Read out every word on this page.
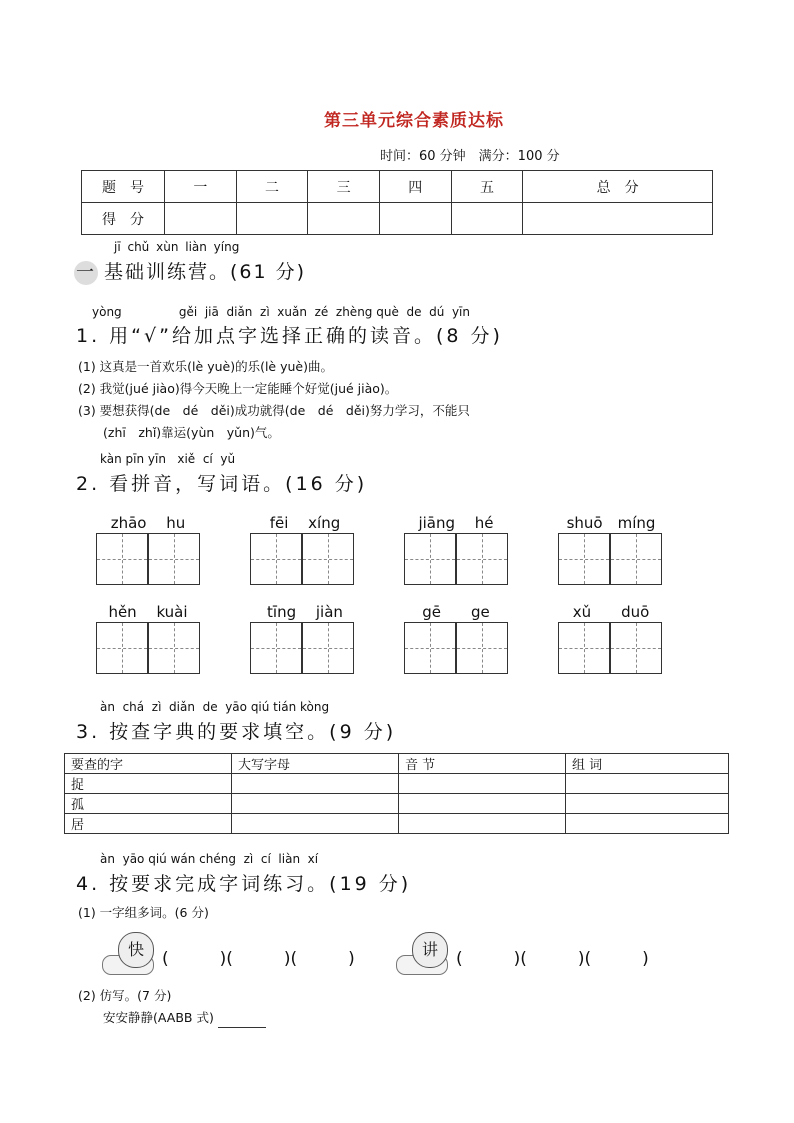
第三单元综合素质达标
时间：60 分钟　满分：100 分
题　号	一	二	三	四	五	总　分
得　分						
jī chǔ xùn liàn yíng
一 基础训练营。(61 分)
yòng               gěi  jiā  diǎn  zì  xuǎn  zé  zhèng què  de  dú  yīn
1. 用“√”给加点字选择正确的读音。(8 分)
(1) 这真是一首欢乐(lè yuè)的乐(lè yuè)曲。
(2) 我觉(jué jiào)得今天晚上一定能睡个好觉(jué jiào)。
(3) 要想获得(de　dé　děi)成功就得(de　dé　děi)努力学习，不能只
　　(zhī　zhǐ)靠运(yùn　yǔn)气。
kàn pīn yīn   xiě  cí  yǔ
2. 看拼音，写词语。(16 分)
zhāo　 hu	fēi　 xíng	jiāng　 hé	shuō　míng
hěn　 kuài	tīng　 jiàn	gē　　ge	xǔ　　duō
àn  chá  zì  diǎn  de  yāo qiú tián kòng
3. 按查字典的要求填空。(9 分)
要查的字	大写字母	音 节	组 词
捉			
孤			
居			
àn  yāo qiú wán chéng  zì  cí  liàn  xí
4. 按要求完成字词练习。(19 分)
(1) 一字组多词。(6 分)
快	(　　　)(　　　)(　　　)	讲	(　　　)(　　　)(　　　)
(2) 仿写。(7 分)
安安静静(AABB 式)
